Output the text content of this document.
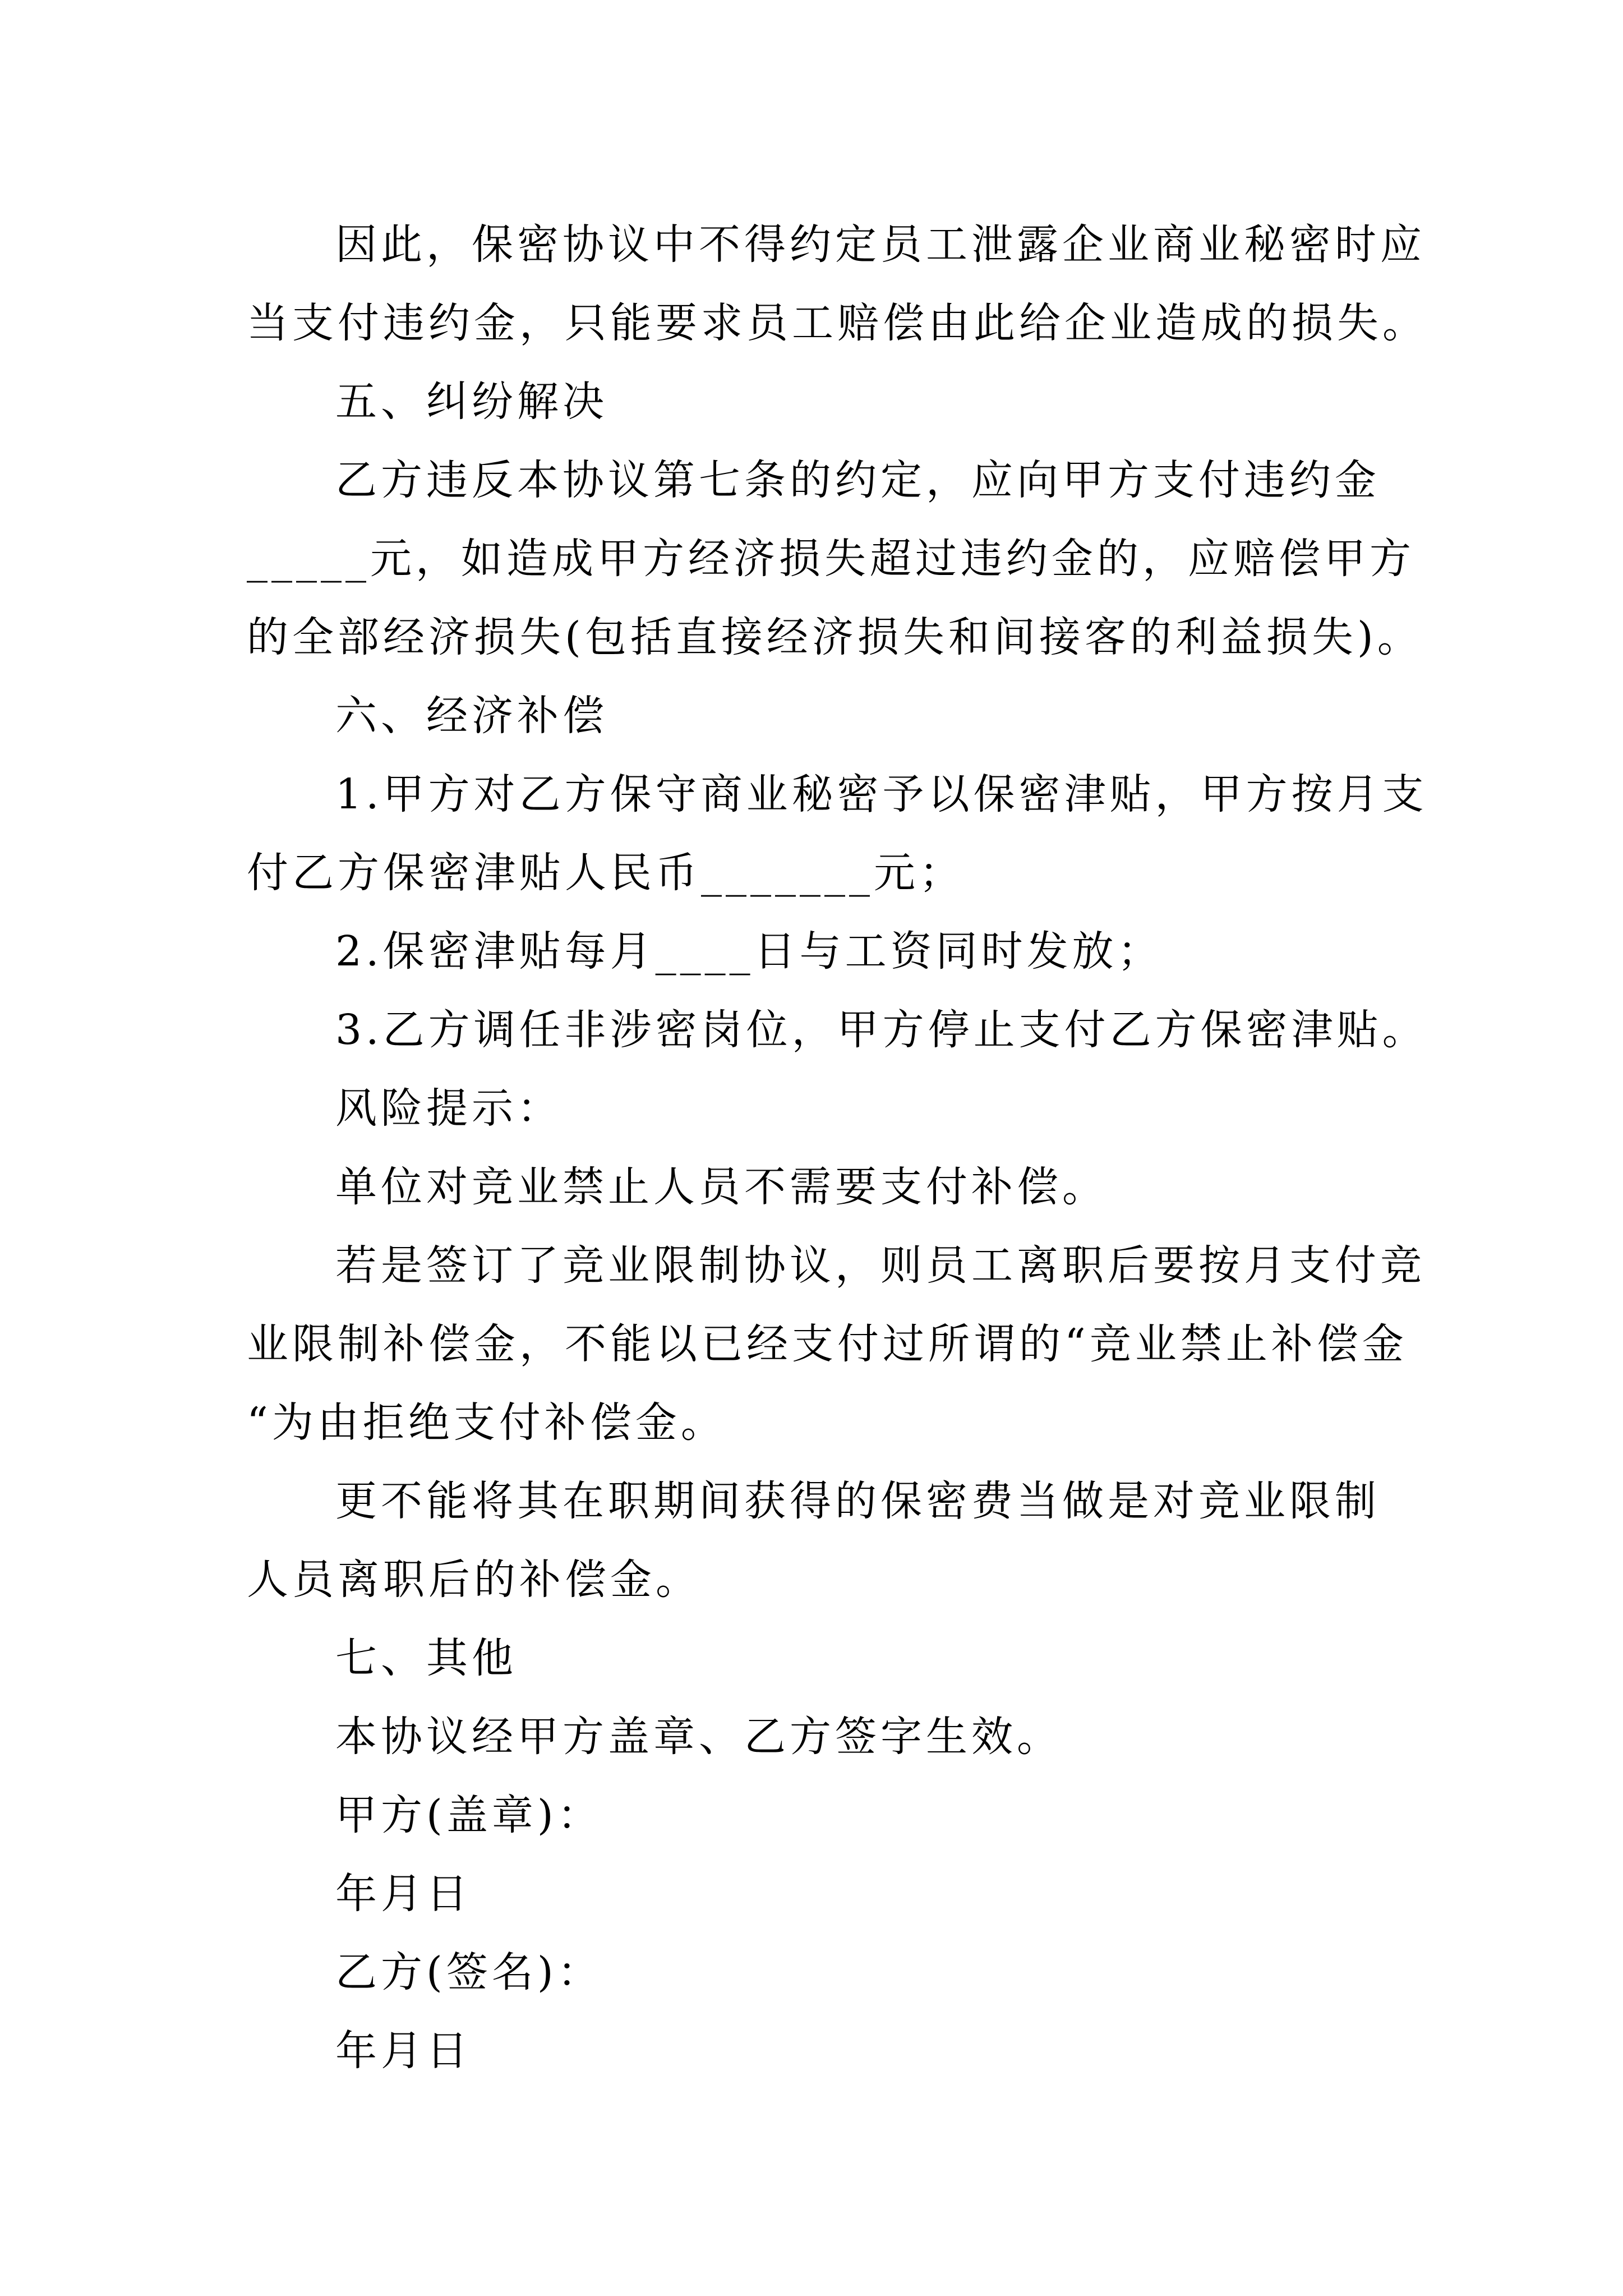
因此，保密协议中不得约定员工泄露企业商业秘密时应
当支付违约金，只能要求员工赔偿由此给企业造成的损失。
五、纠纷解决
乙方违反本协议第七条的约定，应向甲方支付违约金
_____元，如造成甲方经济损失超过违约金的，应赔偿甲方
的全部经济损失(包括直接经济损失和间接客的利益损失)。
六、经济补偿
1.甲方对乙方保守商业秘密予以保密津贴，甲方按月支
付乙方保密津贴人民币_______元；
2.保密津贴每月____日与工资同时发放；
3.乙方调任非涉密岗位，甲方停止支付乙方保密津贴。
风险提示：
单位对竞业禁止人员不需要支付补偿。
若是签订了竞业限制协议，则员工离职后要按月支付竞
业限制补偿金，不能以已经支付过所谓的“竞业禁止补偿金
“为由拒绝支付补偿金。
更不能将其在职期间获得的保密费当做是对竞业限制
人员离职后的补偿金。
七、其他
本协议经甲方盖章、乙方签字生效。
甲方(盖章)：
年月日
乙方(签名)：
年月日
